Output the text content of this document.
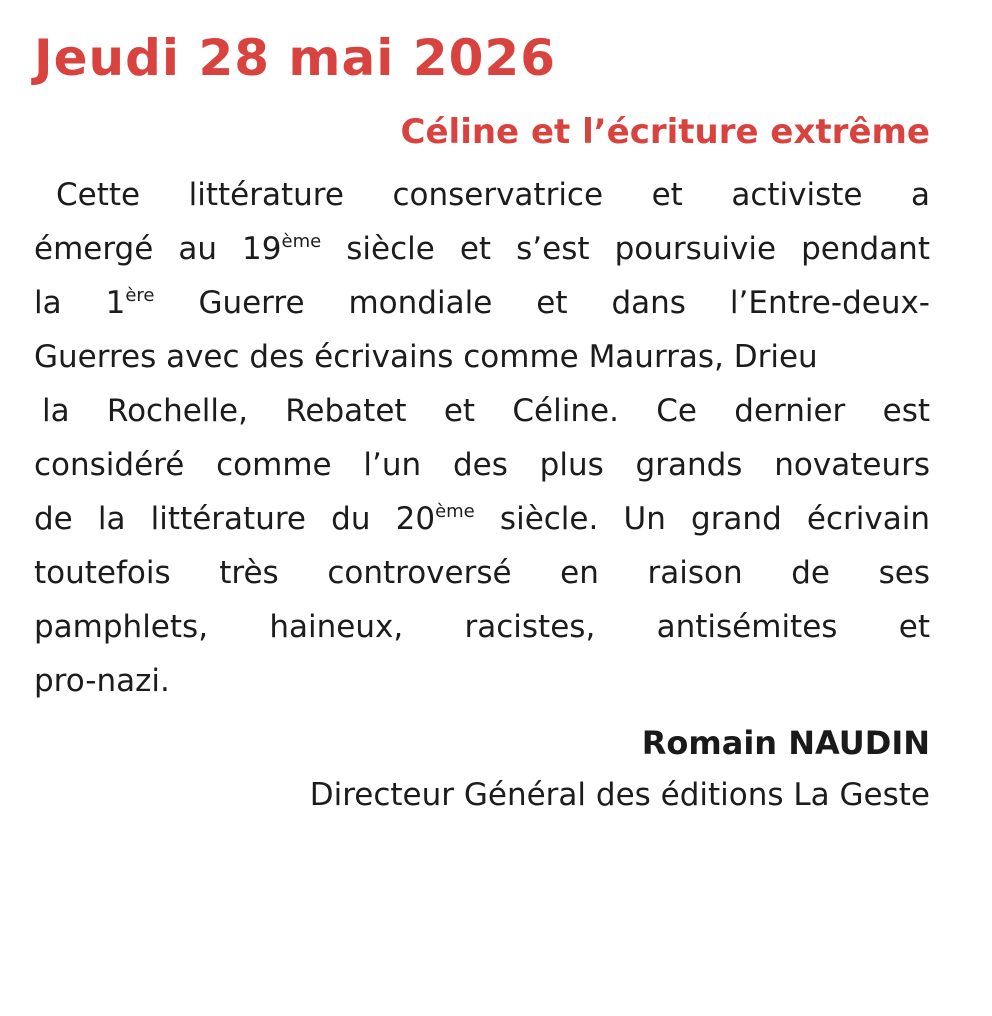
Jeudi 28 mai 2026
Céline et l’écriture extrême
Cette littérature conservatrice et activiste a
émergé au 19ème siècle et s’est poursuivie pendant
la 1ère Guerre mondiale et dans l’Entre-deux-
Guerres avec des écrivains comme Maurras, Drieu
la Rochelle, Rebatet et Céline. Ce dernier est
considéré comme l’un des plus grands novateurs
de la littérature du 20ème siècle. Un grand écrivain
toutefois très controversé en raison de ses
pamphlets, haineux, racistes, antisémites et
pro-nazi.
Romain NAUDIN
Directeur Général des éditions La Geste
